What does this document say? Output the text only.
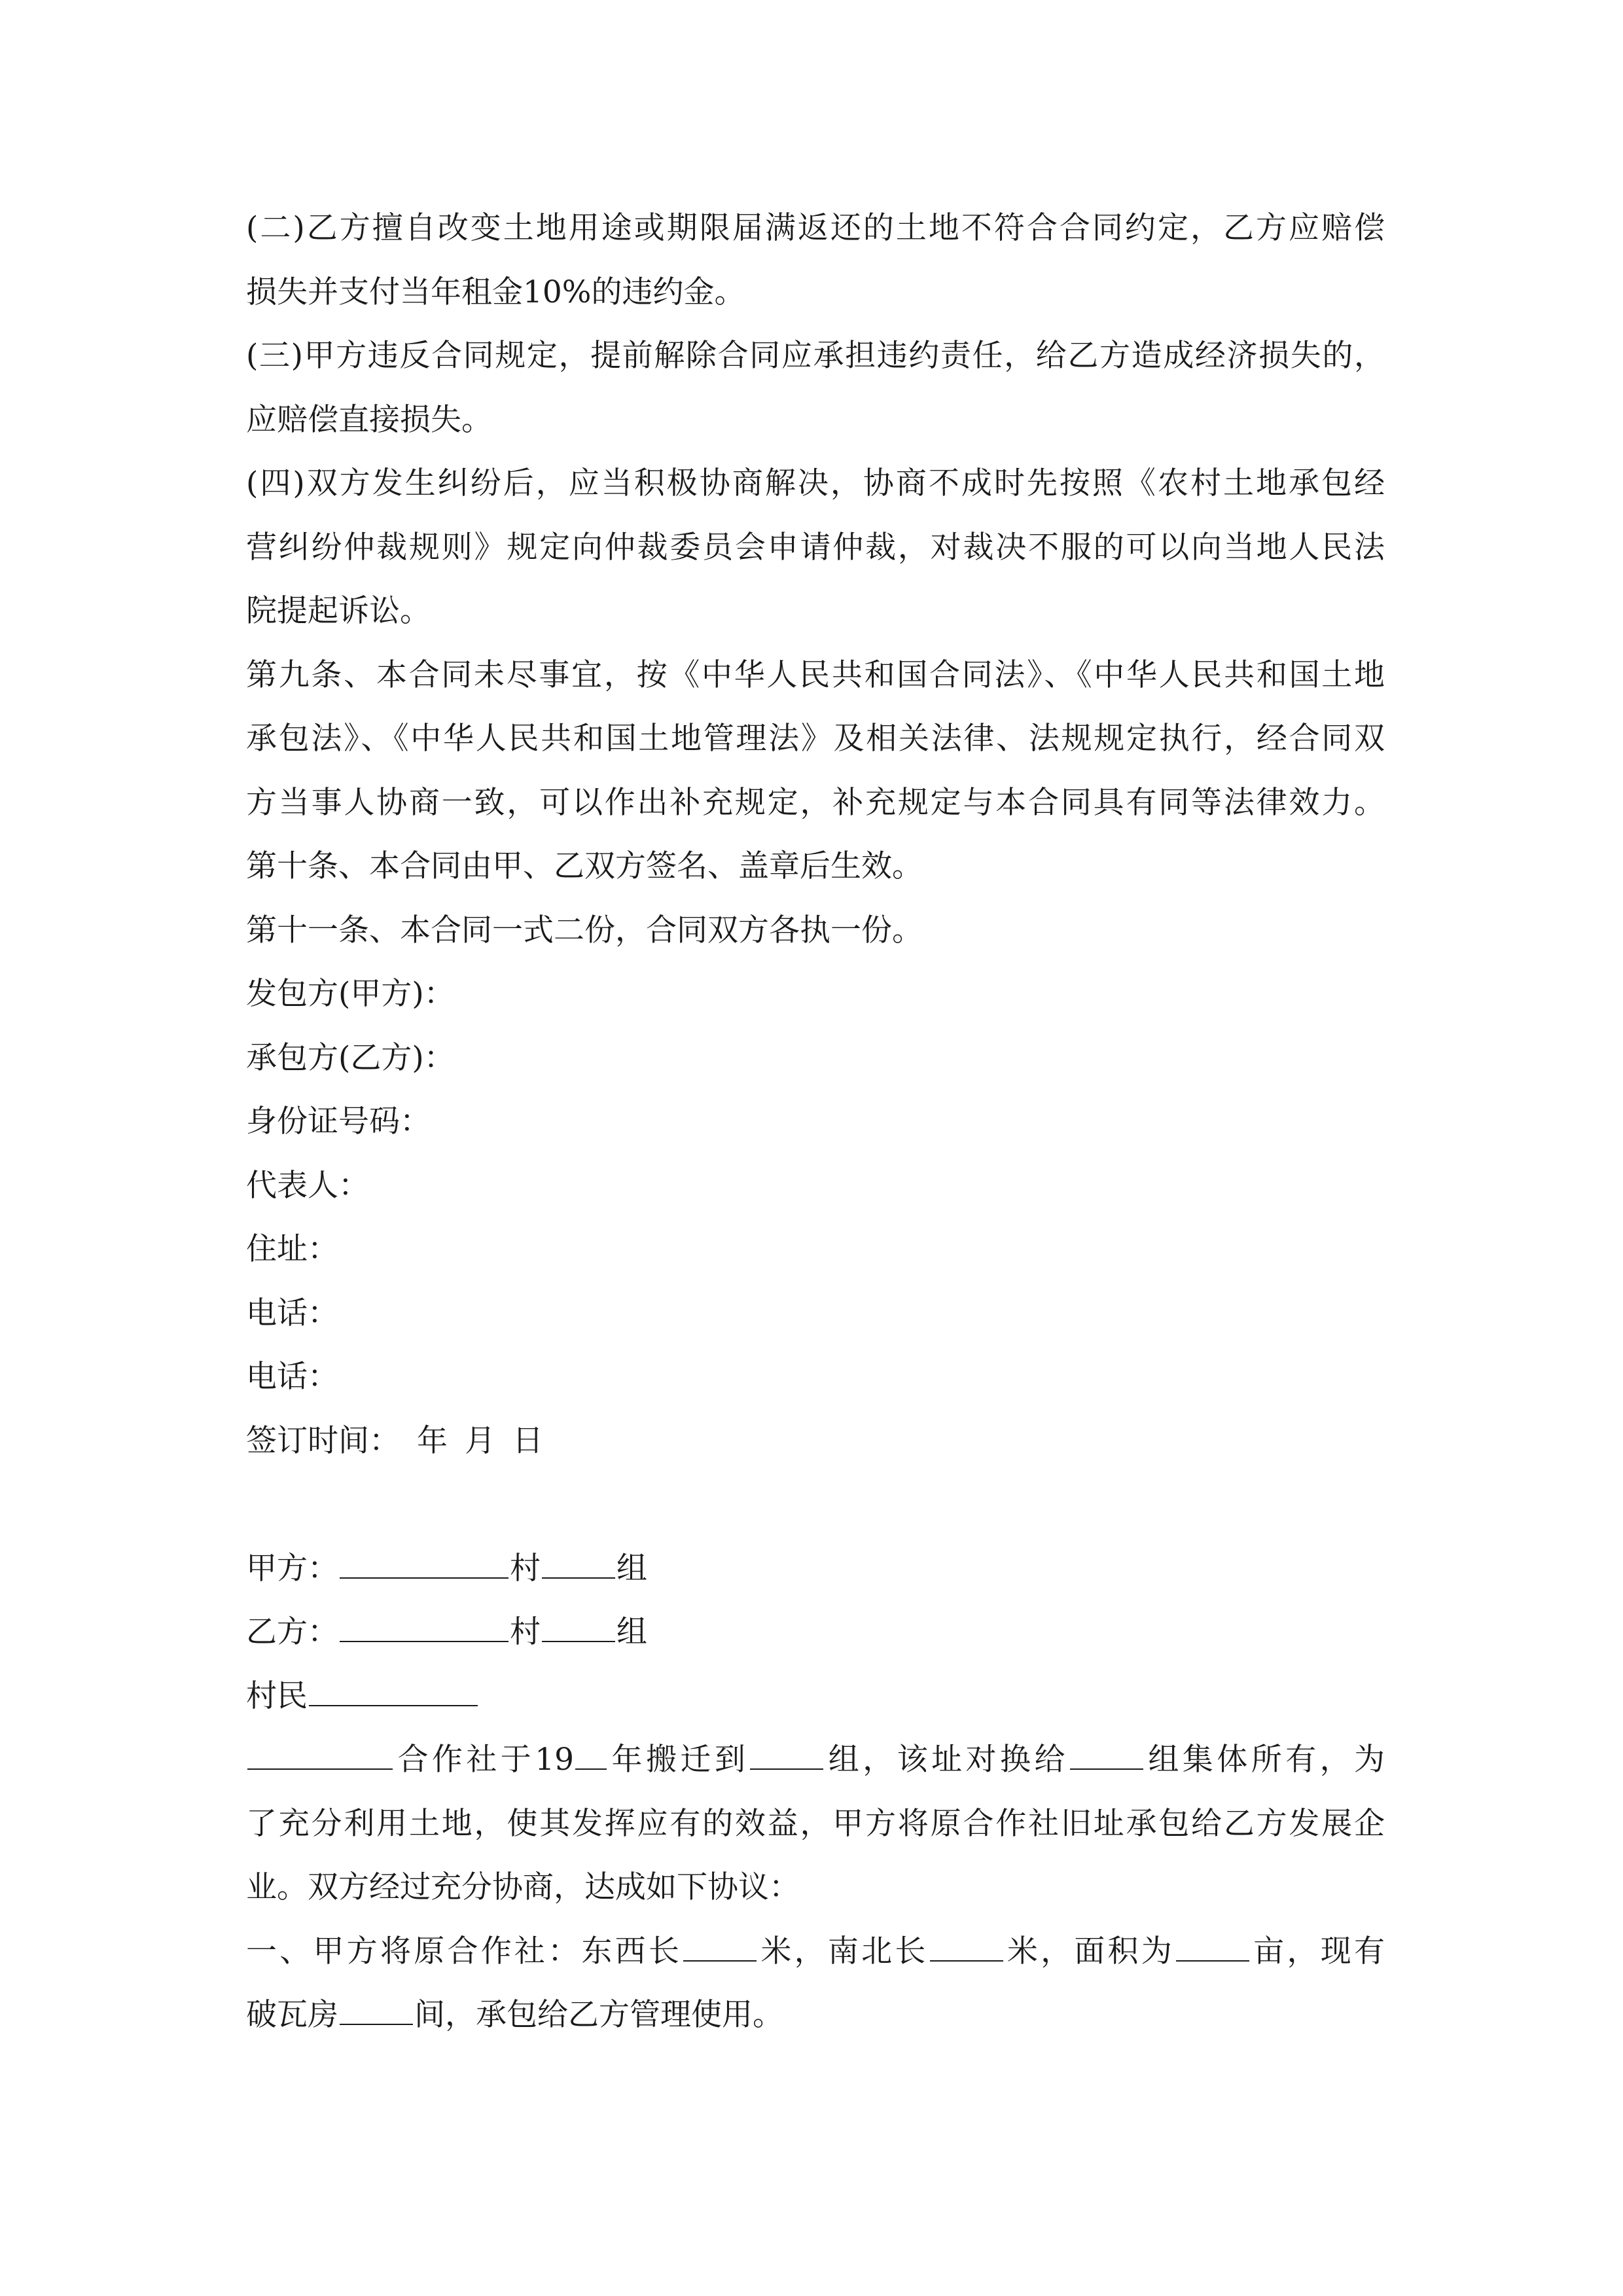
(二)乙方擅自改变土地用途或期限届满返还的土地不符合合同约定，乙方应赔偿
损失并支付当年租金10%的违约金。
(三)甲方违反合同规定，提前解除合同应承担违约责任，给乙方造成经济损失的，
应赔偿直接损失。
(四)双方发生纠纷后，应当积极协商解决，协商不成时先按照《农村土地承包经
营纠纷仲裁规则》规定向仲裁委员会申请仲裁，对裁决不服的可以向当地人民法
院提起诉讼。
第九条、本合同未尽事宜，按《中华人民共和国合同法》、《中华人民共和国土地
承包法》、《中华人民共和国土地管理法》及相关法律、法规规定执行，经合同双
方当事人协商一致，可以作出补充规定，补充规定与本合同具有同等法律效力。
第十条、本合同由甲、乙双方签名、盖章后生效。
第十一条、本合同一式二份，合同双方各执一份。
发包方(甲方)：
承包方(乙方)：
身份证号码：
代表人：
住址：
电话：
电话：
签订时间： 年 月 日
甲方：	村 组
乙方：	村 组
村民
合作社于19 年搬迁到 组，该址对换给 组集体所有，为
了充分利用土地，使其发挥应有的效益，甲方将原合作社旧址承包给乙方发展企
业。双方经过充分协商，达成如下协议：
一、甲方将原合作社：东西长 米，南北长 米，面积为 亩，现有
破瓦房 间，承包给乙方管理使用。
